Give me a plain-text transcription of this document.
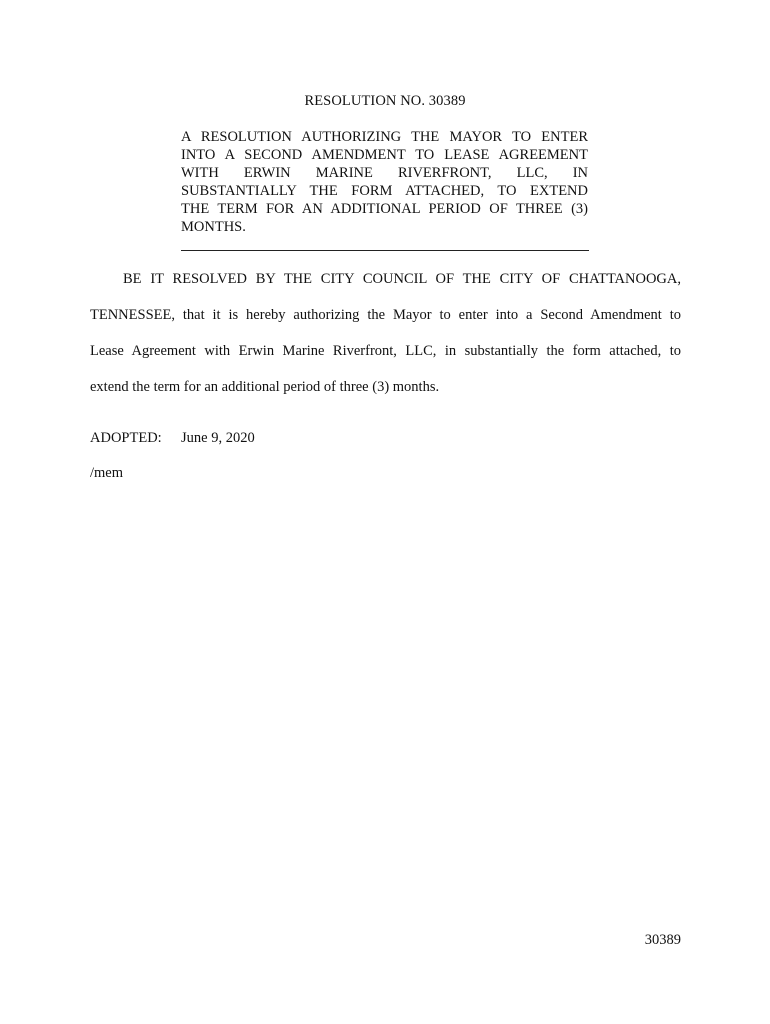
RESOLUTION NO. 30389
A RESOLUTION AUTHORIZING THE MAYOR TO ENTER
INTO A SECOND AMENDMENT TO LEASE AGREEMENT
WITH ERWIN MARINE RIVERFRONT, LLC, IN
SUBSTANTIALLY THE FORM ATTACHED, TO EXTEND
THE TERM FOR AN ADDITIONAL PERIOD OF THREE (3)
MONTHS.
BE IT RESOLVED BY THE CITY COUNCIL OF THE CITY OF CHATTANOOGA,
TENNESSEE, that it is hereby authorizing the Mayor to enter into a Second Amendment to
Lease Agreement with Erwin Marine Riverfront, LLC, in substantially the form attached, to
extend the term for an additional period of three (3) months.
ADOPTED: June 9, 2020
/mem
30389
